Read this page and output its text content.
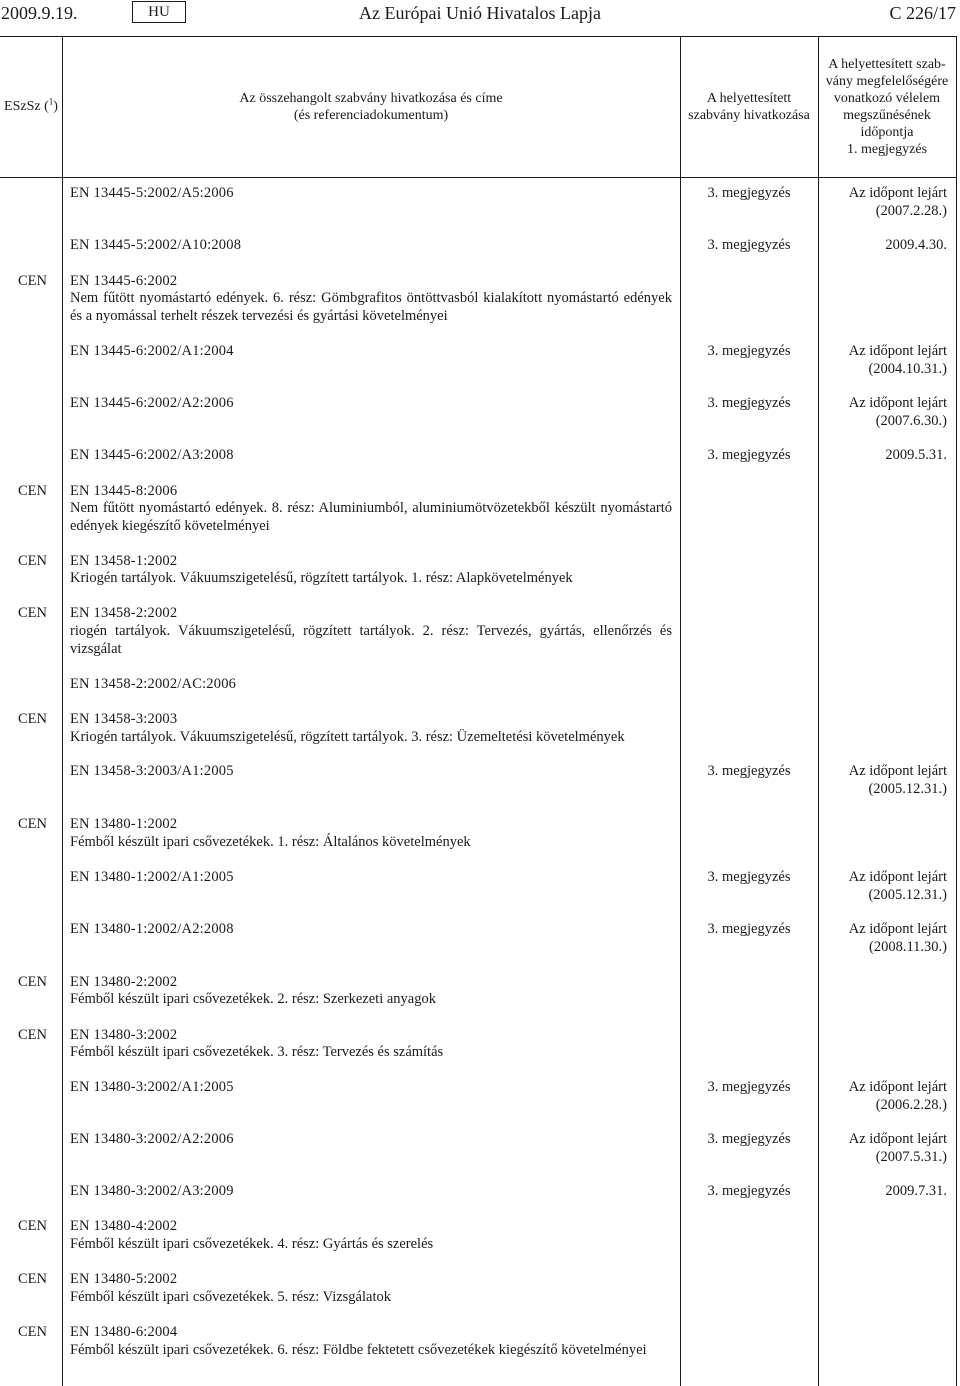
2009.9.19.	HU	Az Európai Unió Hivatalos Lapja	C 226/17
ESzSz ($^1$)
Az összehangolt szabvány hivatkozása és címe
(és referenciadokumentum)
A helyettesített
szabvány hivatkozása
A helyettesített szab-
vány megfelelőségére
vonatkozó vélelem
megszűnésének
időpontja
1. megjegyzés
EN 13445-5:2002/A5:2006	3. megjegyzés	Az időpont lejárt
(2007.2.28.)
EN 13445-5:2002/A10:2008	3. megjegyzés	2009.4.30.
CEN EN 13445-6:2002
Nem fűtött nyomástartó edények. 6. rész: Gömbgrafitos öntöttvasból kialakított nyomástartó edények és a nyomással terhelt részek tervezési és gyártási követelményei
EN 13445-6:2002/A1:2004	3. megjegyzés	Az időpont lejárt
(2004.10.31.)
EN 13445-6:2002/A2:2006	3. megjegyzés	Az időpont lejárt
(2007.6.30.)
EN 13445-6:2002/A3:2008	3. megjegyzés	2009.5.31.
CEN EN 13445-8:2006
Nem fűtött nyomástartó edények. 8. rész: Aluminiumból, aluminiumötvözetekből készült nyomástartó edények kiegészítő követelményei
CEN EN 13458-1:2002
Kriogén tartályok. Vákuumszigetelésű, rögzített tartályok. 1. rész: Alapkövetelmények
CEN EN 13458-2:2002
riogén tartályok. Vákuumszigetelésű, rögzített tartályok. 2. rész: Tervezés, gyártás, ellenőrzés és vizsgálat
EN 13458-2:2002/AC:2006
CEN EN 13458-3:2003
Kriogén tartályok. Vákuumszigetelésű, rögzített tartályok. 3. rész: Üzemeltetési követelmények
EN 13458-3:2003/A1:2005	3. megjegyzés	Az időpont lejárt
(2005.12.31.)
CEN EN 13480-1:2002
Fémből készült ipari csővezetékek. 1. rész: Általános követelmények
EN 13480-1:2002/A1:2005	3. megjegyzés	Az időpont lejárt
(2005.12.31.)
EN 13480-1:2002/A2:2008	3. megjegyzés	Az időpont lejárt
(2008.11.30.)
CEN EN 13480-2:2002
Fémből készült ipari csővezetékek. 2. rész: Szerkezeti anyagok
CEN EN 13480-3:2002
Fémből készült ipari csővezetékek. 3. rész: Tervezés és számítás
EN 13480-3:2002/A1:2005	3. megjegyzés	Az időpont lejárt
(2006.2.28.)
EN 13480-3:2002/A2:2006	3. megjegyzés	Az időpont lejárt
(2007.5.31.)
EN 13480-3:2002/A3:2009	3. megjegyzés	2009.7.31.
CEN EN 13480-4:2002
Fémből készült ipari csővezetékek. 4. rész: Gyártás és szerelés
CEN EN 13480-5:2002
Fémből készült ipari csővezetékek. 5. rész: Vizsgálatok
CEN EN 13480-6:2004
Fémből készült ipari csővezetékek. 6. rész: Földbe fektetett csővezetékek kiegészítő követelményei
